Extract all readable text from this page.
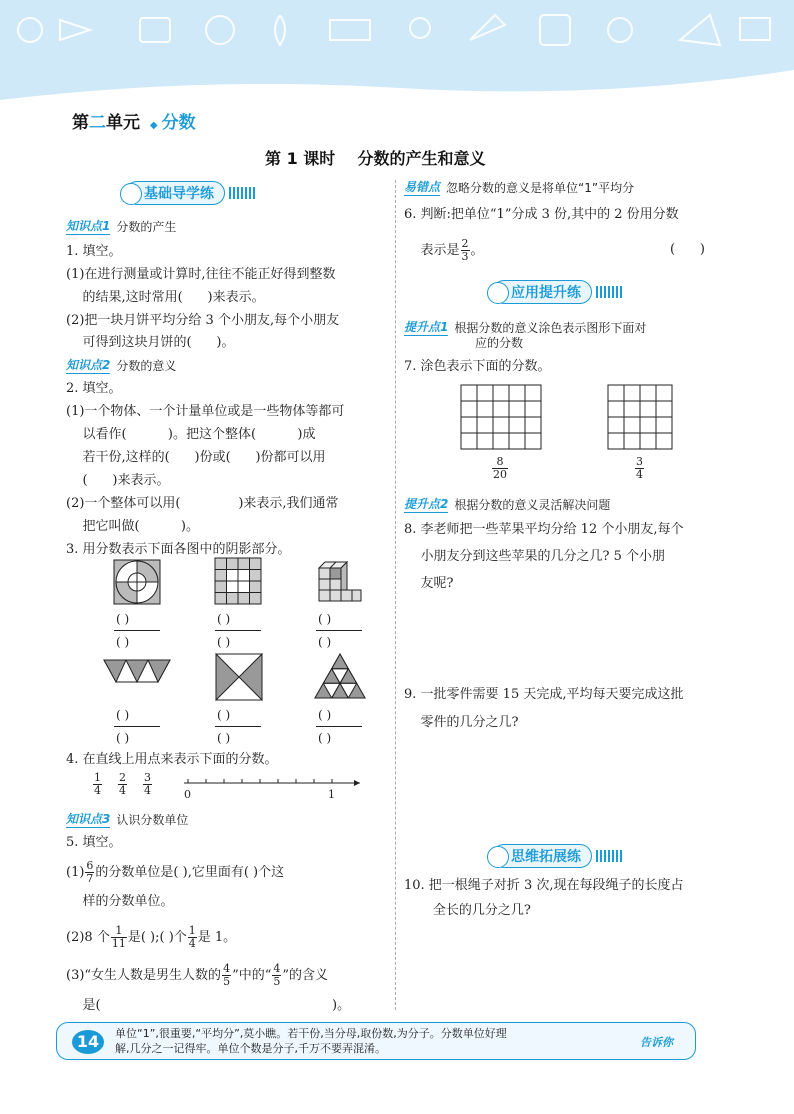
第二单元 ◆ 分数
第 1 课时    分数的产生和意义
基础导学练
知识点1 分数的产生
1. 填空。
(1)在进行测量或计算时,往往不能正好得到整数
的结果,这时常用(      )来表示。
(2)把一块月饼平均分给 3 个小朋友,每个小朋友
可得到这块月饼的(      )。
知识点2 分数的意义
2. 填空。
(1)一个物体、一个计量单位或是一些物体等都可
以看作(          )。把这个整体(          )成
若干份,这样的(      )份或(      )份都可以用
(      )来表示。
(2)一个整体可以用(              )来表示,我们通常
把它叫做(          )。
3. 用分数表示下面各图中的阴影部分。
( )	( )	( )
( )	( )	( )
( )	( )	( )
( )	( )	( )
4. 在直线上用点来表示下面的分数。
$\frac{1}{4} \frac{2}{4} \frac{3}{4}$	0	1
知识点3 认识分数单位
5. 填空。
$(1) \frac{6}{7}$ 的分数单位是( ),它里面有( )个这
样的分数单位。
(2)8 个 $\frac{1}{11}$ 是( );( )个 $\frac{1}{4}$ 是 1。
(3)“女生人数是男生人数的 $\frac{4}{5}$ ”中的“ $\frac{4}{5}$ ”的含义
是(                                                        )。
易错点 忽略分数的意义是将单位“1”平均分
6. 判断:把单位“1”分成 3 份,其中的 2 份用分数
表示是 $\frac{2}{3}$ 。	(      )
应用提升练
提升点1 根据分数的意义涂色表示图形下面对
应的分数
7. 涂色表示下面的分数。
$\frac{8}{20}$	$\frac{3}{4}$
提升点2 根据分数的意义灵活解决问题
8. 李老师把一些苹果平均分给 12 个小朋友,每个
小朋友分到这些苹果的几分之几? 5 个小朋
友呢?
9. 一批零件需要 15 天完成,平均每天要完成这批
零件的几分之几?
思维拓展练
10. 把一根绳子对折 3 次,现在每段绳子的长度占
全长的几分之几?
单位“1”,很重要,“平均分”,莫小瞧。若干份,当分母,取份数,为分子。分数单位好理
解,几分之一记得牢。单位个数是分子,千万不要弄混淆。
14	告诉你
